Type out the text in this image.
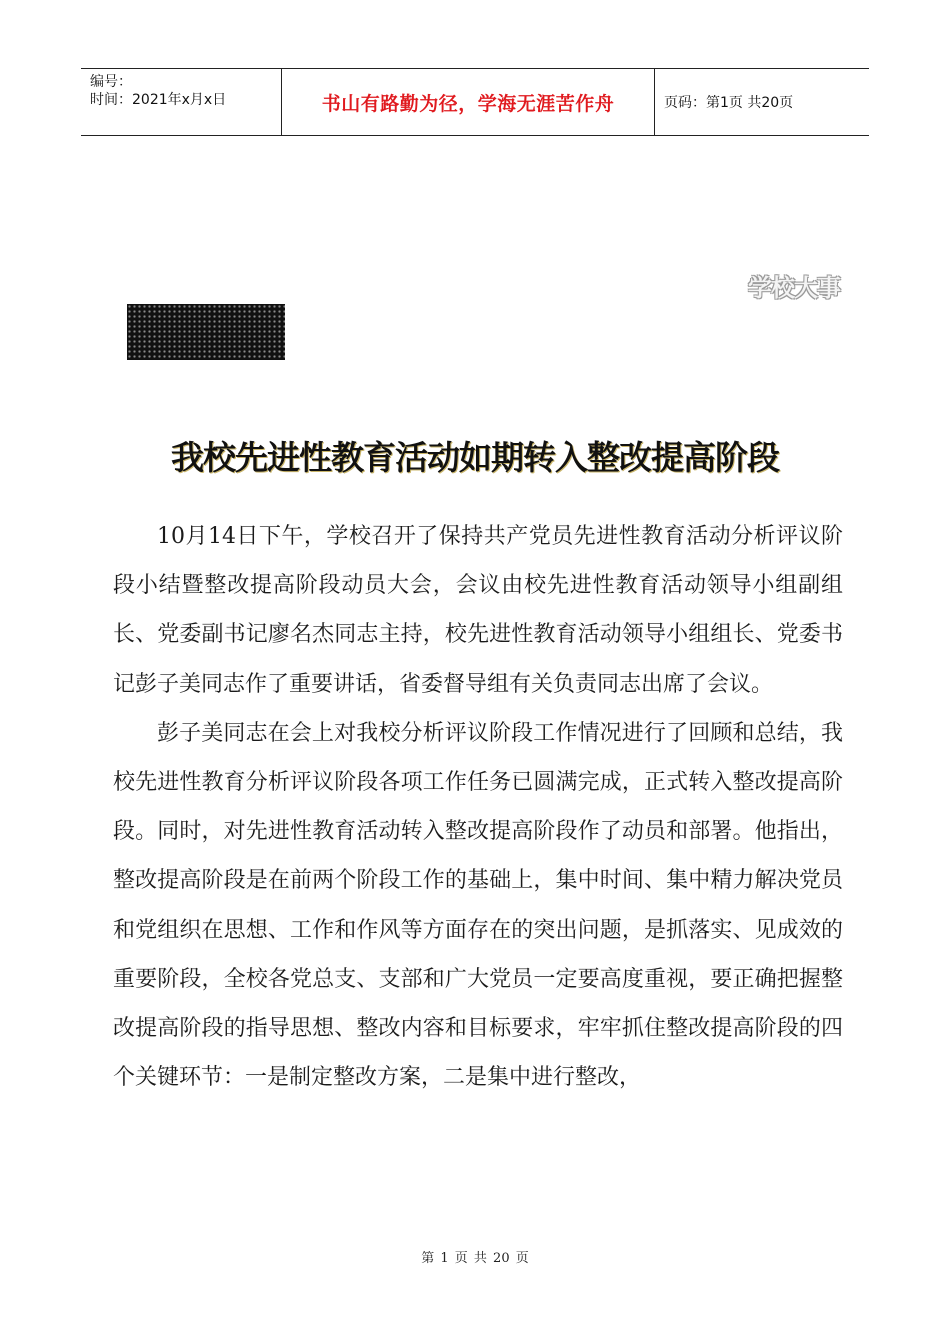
编号：
时间：2021年x月x日	书山有路勤为径，学海无涯苦作舟	页码：第1页 共20页
学校大事
我校先进性教育活动如期转入整改提高阶段

10月14日下午，学校召开了保持共产党员先进性教育活动分析评议阶段小结暨整改提高阶段动员大会，会议由校先进性教育活动领导小组副组长、党委副书记廖名杰同志主持，校先进性教育活动领导小组组长、党委书记彭子美同志作了重要讲话，省委督导组有关负责同志出席了会议。

彭子美同志在会上对我校分析评议阶段工作情况进行了回顾和总结，我校先进性教育分析评议阶段各项工作任务已圆满完成，正式转入整改提高阶段。同时，对先进性教育活动转入整改提高阶段作了动员和部署。他指出，整改提高阶段是在前两个阶段工作的基础上，集中时间、集中精力解决党员和党组织在思想、工作和作风等方面存在的突出问题，是抓落实、见成效的重要阶段，全校各党总支、支部和广大党员一定要高度重视，要正确把握整改提高阶段的指导思想、整改内容和目标要求，牢牢抓住整改提高阶段的四个关键环节：一是制定整改方案，二是集中进行整改，

第 1 页 共 20 页
